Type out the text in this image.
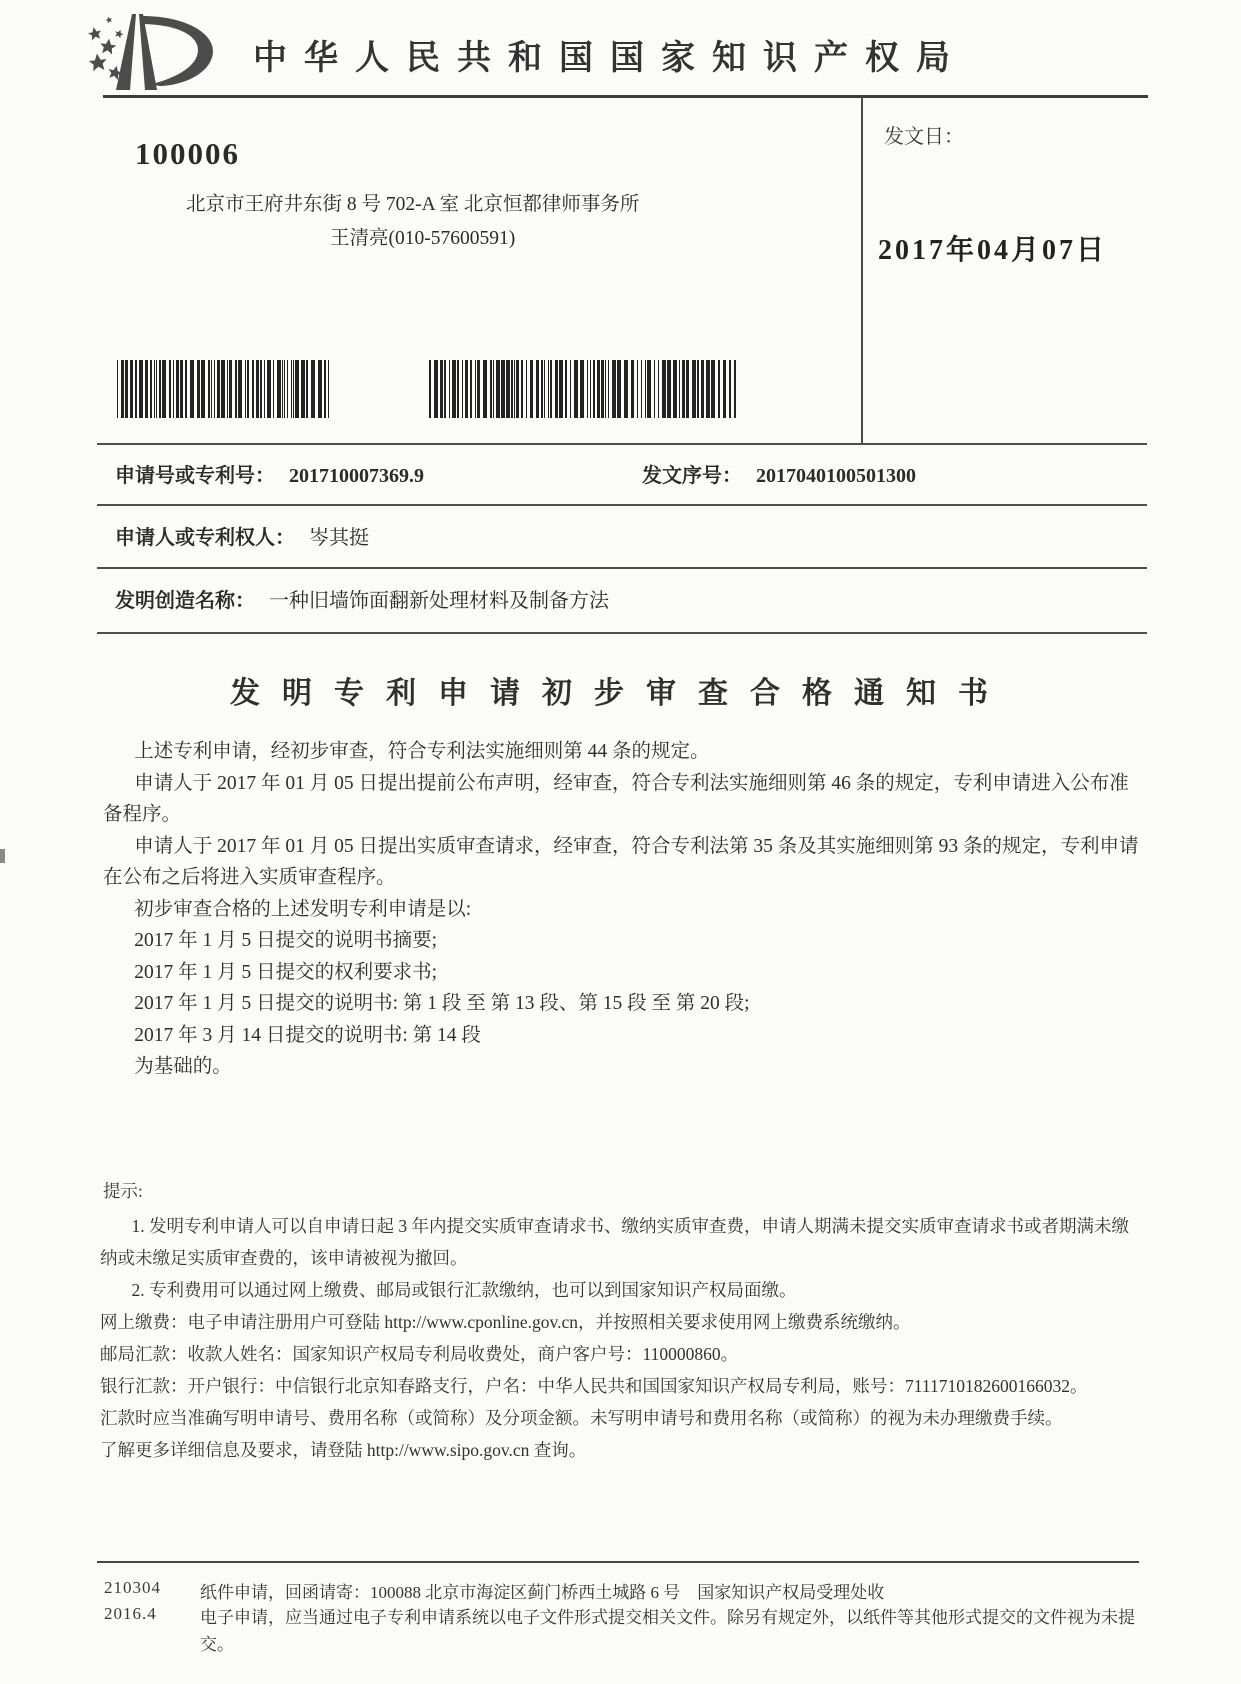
中华人民共和国国家知识产权局
发文日：
2017年04月07日
100006
北京市王府井东街 8 号 702-A 室 北京恒都律师事务所
王清亮(010-57600591)
申请号或专利号： 201710007369.9	发文序号： 2017040100501300
申请人或专利权人： 岑其挺
发明创造名称： 一种旧墙饰面翻新处理材料及制备方法
发明专利申请初步审查合格通知书

上述专利申请，经初步审查，符合专利法实施细则第 44 条的规定。

申请人于 2017 年 01 月 05 日提出提前公布声明，经审查，符合专利法实施细则第 46 条的规定，专利申请进入公布准备程序。

申请人于 2017 年 01 月 05 日提出实质审查请求，经审查，符合专利法第 35 条及其实施细则第 93 条的规定，专利申请在公布之后将进入实质审查程序。

初步审查合格的上述发明专利申请是以:

2017 年 1 月 5 日提交的说明书摘要;

2017 年 1 月 5 日提交的权利要求书;

2017 年 1 月 5 日提交的说明书: 第 1 段 至 第 13 段、第 15 段 至 第 20 段;

2017 年 3 月 14 日提交的说明书: 第 14 段

为基础的。

提示:

1. 发明专利申请人可以自申请日起 3 年内提交实质审查请求书、缴纳实质审查费，申请人期满未提交实质审查请求书或者期满未缴纳或未缴足实质审查费的，该申请被视为撤回。

2. 专利费用可以通过网上缴费、邮局或银行汇款缴纳，也可以到国家知识产权局面缴。

网上缴费：电子申请注册用户可登陆 http://www.cponline.gov.cn，并按照相关要求使用网上缴费系统缴纳。

邮局汇款：收款人姓名：国家知识产权局专利局收费处，商户客户号：110000860。

银行汇款：开户银行：中信银行北京知春路支行，户名：中华人民共和国国家知识产权局专利局，账号：7111710182600166032。

汇款时应当准确写明申请号、费用名称（或简称）及分项金额。未写明申请号和费用名称（或简称）的视为未办理缴费手续。

了解更多详细信息及要求，请登陆 http://www.sipo.gov.cn 查询。

210304
2016.4
纸件申请，回函请寄：100088 北京市海淀区蓟门桥西土城路 6 号　国家知识产权局受理处收
电子申请，应当通过电子专利申请系统以电子文件形式提交相关文件。除另有规定外，以纸件等其他形式提交的文件视为未提交。
